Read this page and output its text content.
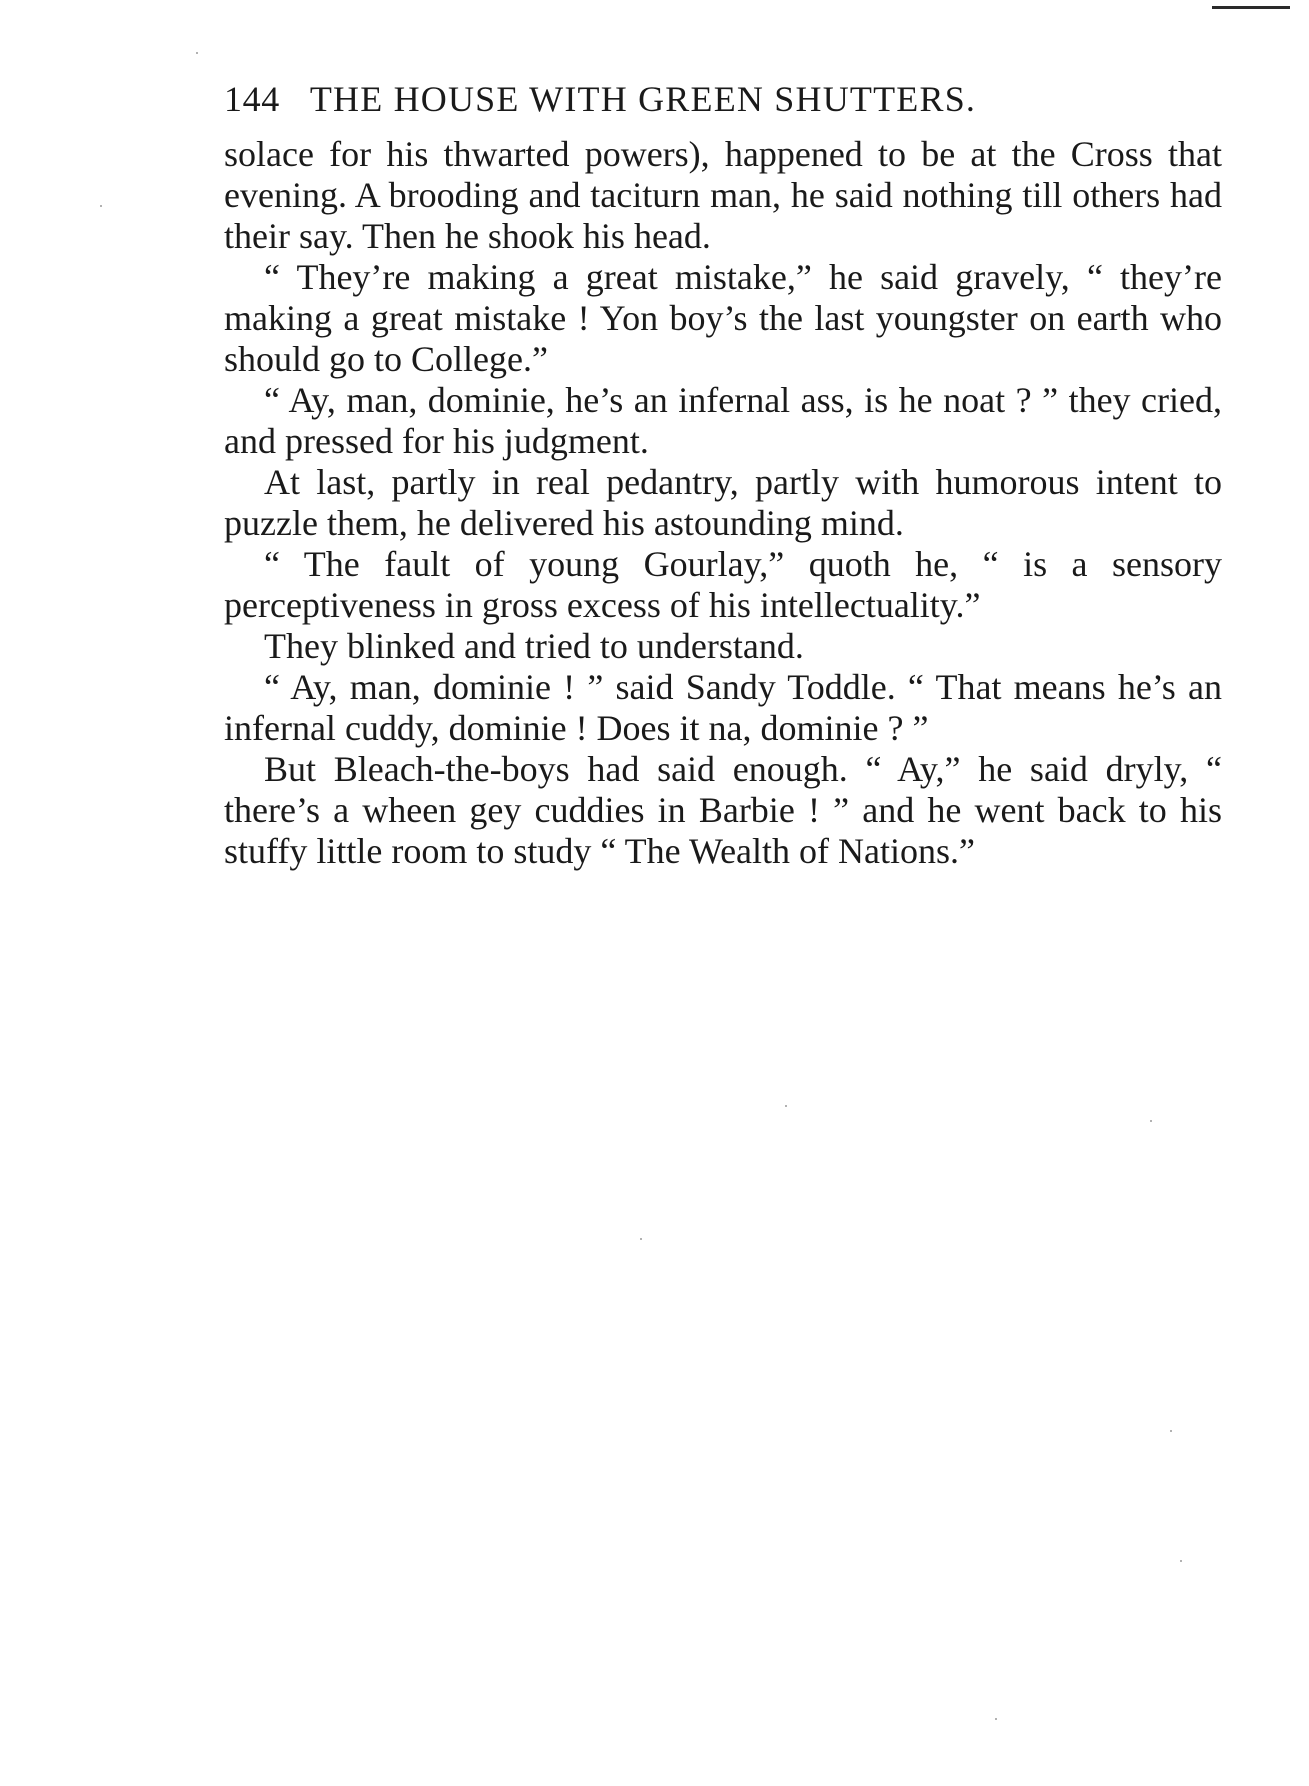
144 THE HOUSE WITH GREEN SHUTTERS.

solace for his thwarted powers), happened to be at the Cross that evening. A brooding and taciturn man, he said nothing till others had their say. Then he shook his head.

“ They’re making a great mistake,” he said gravely, “ they’re making a great mistake ! Yon boy’s the last youngster on earth who should go to College.”

“ Ay, man, dominie, he’s an infernal ass, is he noat ? ” they cried, and pressed for his judgment.

At last, partly in real pedantry, partly with humorous intent to puzzle them, he delivered his astounding mind.

“ The fault of young Gourlay,” quoth he, “ is a sensory perceptiveness in gross excess of his intellectuality.”

They blinked and tried to understand.

“ Ay, man, dominie ! ” said Sandy Toddle. “ That means he’s an infernal cuddy, dominie ! Does it na, dominie ? ”

But Bleach-the-boys had said enough. “ Ay,” he said dryly, “ there’s a wheen gey cuddies in Barbie ! ” and he went back to his stuffy little room to study “ The Wealth of Nations.”
